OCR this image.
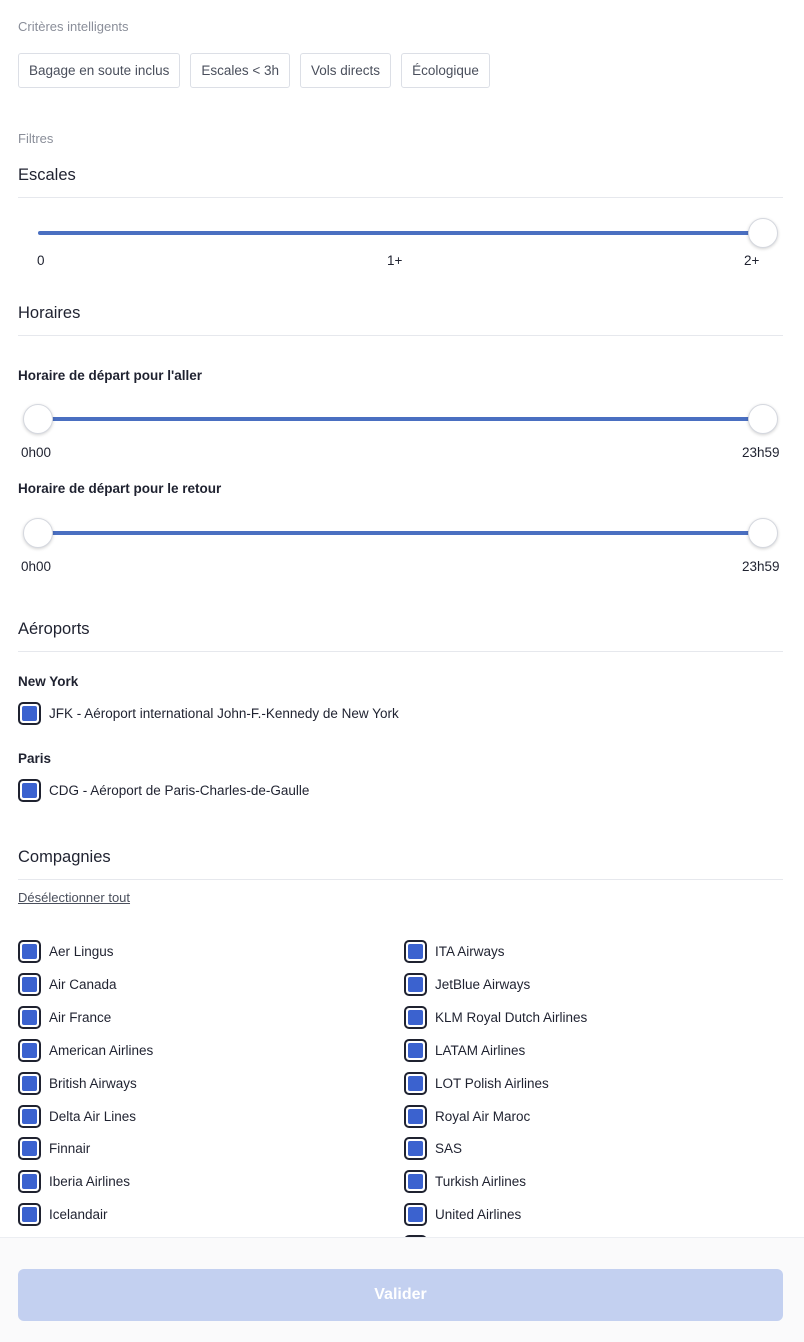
Critères intelligents
Bagage en soute inclus	Escales < 3h	Vols directs	Écologique
Filtres
Escales
0	1+	2+
Horaires
Horaire de départ pour l'aller
0h00	23h59
Horaire de départ pour le retour
0h00	23h59
Aéroports
New York
JFK - Aéroport international John-F.-Kennedy de New York
Paris
CDG - Aéroport de Paris-Charles-de-Gaulle
Compagnies
Désélectionner tout
Aer Lingus
Air Canada
Air France
American Airlines
British Airways
Delta Air Lines
Finnair
Iberia Airlines
Icelandair
ITA Airways
JetBlue Airways
KLM Royal Dutch Airlines
LATAM Airlines
LOT Polish Airlines
Royal Air Maroc
SAS
Turkish Airlines
United Airlines
Valider
